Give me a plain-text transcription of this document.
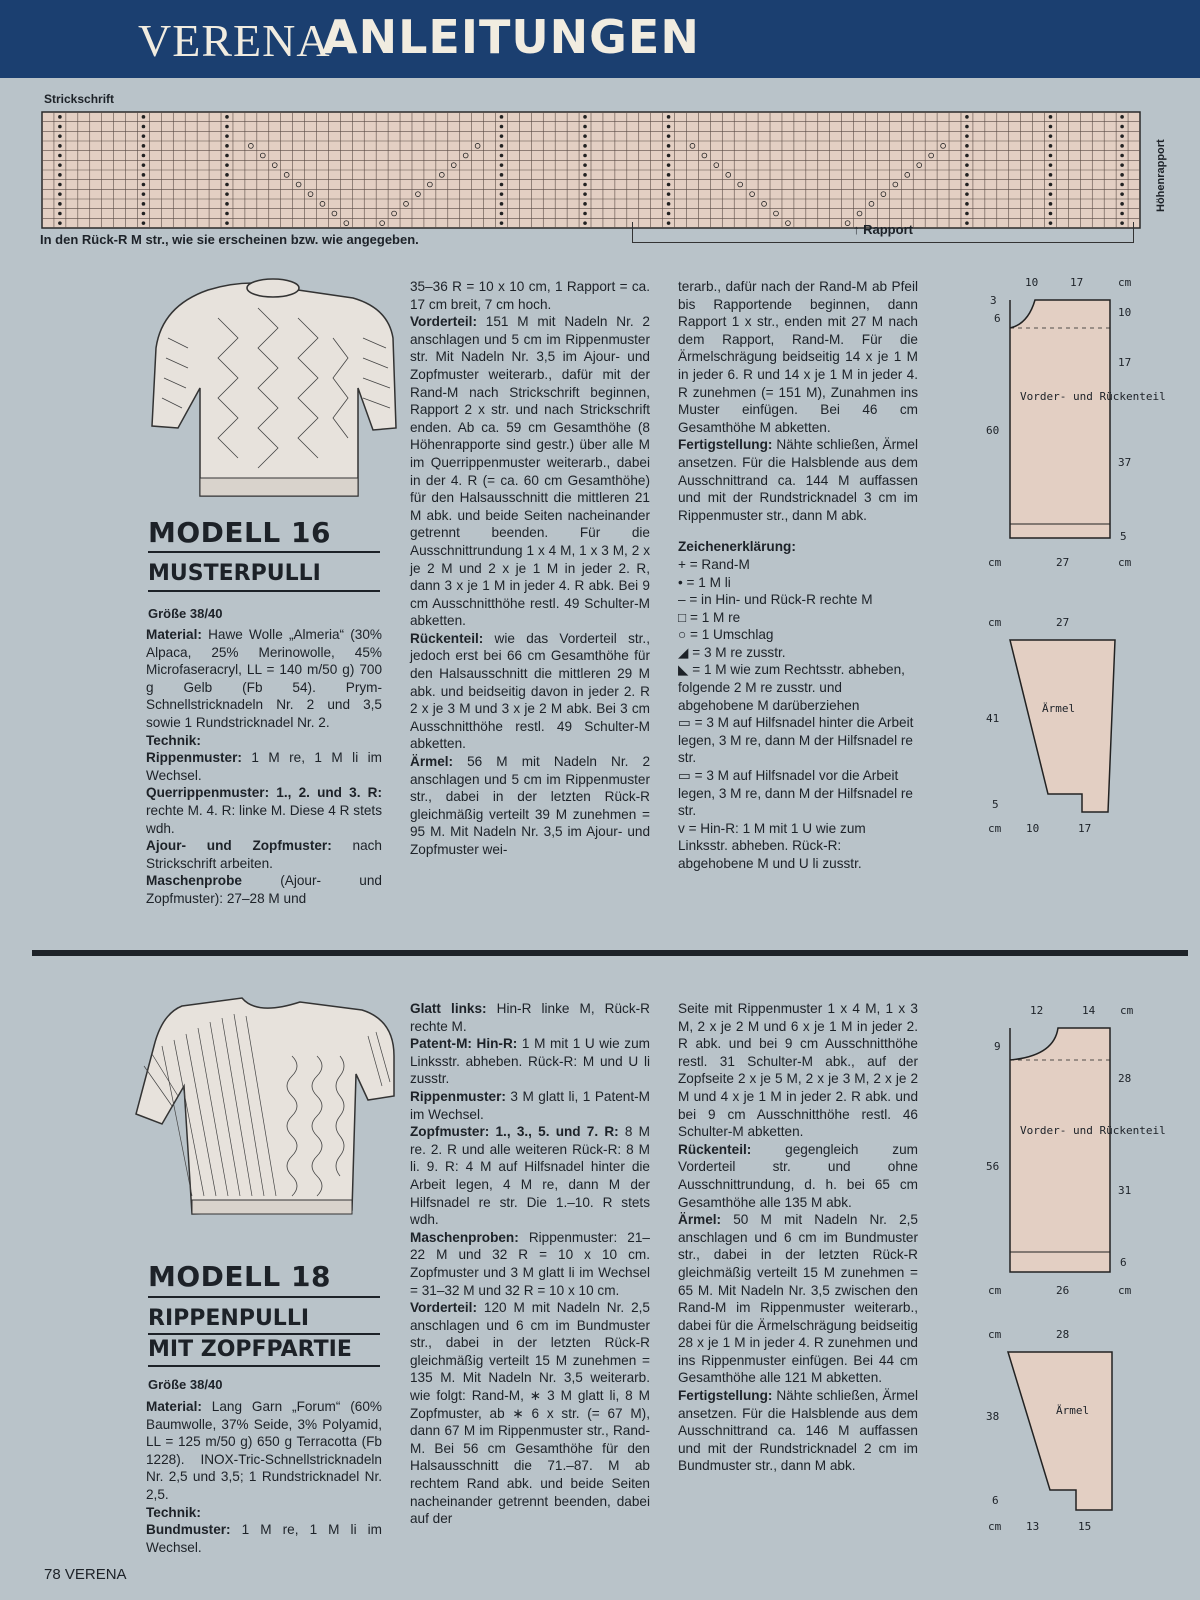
VERENA
ANLEITUNGEN
Strickschrift
In den Rück-R M str., wie sie erscheinen bzw. wie angegeben.
↑ Rapport
Höhenrapport
MODELL 16
MUSTERPULLI
Größe 38/40

Material: Hawe Wolle „Almeria“ (30% Alpaca, 25% Merinowolle, 45% Microfaseracryl, LL = 140 m/50 g) 700 g Gelb (Fb 54). Prym-Schnellstricknadeln Nr. 2 und 3,5 sowie 1 Rundstricknadel Nr. 2.

Technik:

Rippenmuster: 1 M re, 1 M li im Wechsel.

Querrippenmuster: 1., 2. und 3. R: rechte M. 4. R: linke M. Diese 4 R stets wdh.

Ajour- und Zopfmuster: nach Strickschrift arbeiten.

Maschenprobe (Ajour- und Zopfmuster): 27–28 M und

35–36 R = 10 x 10 cm, 1 Rapport = ca. 17 cm breit, 7 cm hoch.

Vorderteil: 151 M mit Nadeln Nr. 2 anschlagen und 5 cm im Rippenmuster str. Mit Nadeln Nr. 3,5 im Ajour- und Zopfmuster weiterarb., dafür mit der Rand-M nach Strickschrift beginnen, Rapport 2 x str. und nach Strickschrift enden. Ab ca. 59 cm Gesamthöhe (8 Höhenrapporte sind gestr.) über alle M im Querrippenmuster weiterarb., dabei in der 4. R (= ca. 60 cm Gesamthöhe) für den Halsausschnitt die mittleren 21 M abk. und beide Seiten nacheinander getrennt beenden. Für die Ausschnittrundung 1 x 4 M, 1 x 3 M, 2 x je 2 M und 2 x je 1 M in jeder 2. R, dann 3 x je 1 M in jeder 4. R abk. Bei 9 cm Ausschnitthöhe restl. 49 Schulter-M abketten.

Rückenteil: wie das Vorderteil str., jedoch erst bei 66 cm Gesamthöhe für den Halsausschnitt die mittleren 29 M abk. und beidseitig davon in jeder 2. R 2 x je 3 M und 3 x je 2 M abk. Bei 3 cm Ausschnitthöhe restl. 49 Schulter-M abketten.

Ärmel: 56 M mit Nadeln Nr. 2 anschlagen und 5 cm im Rippenmuster str., dabei in der letzten Rück-R gleichmäßig verteilt 39 M zunehmen = 95 M. Mit Nadeln Nr. 3,5 im Ajour- und Zopfmuster wei-

terarb., dafür nach der Rand-M ab Pfeil bis Rapportende beginnen, dann Rapport 1 x str., enden mit 27 M nach dem Rapport, Rand-M. Für die Ärmelschrägung beidseitig 14 x je 1 M in jeder 6. R und 14 x je 1 M in jeder 4. R zunehmen (= 151 M), Zunahmen ins Muster einfügen. Bei 46 cm Gesamthöhe M abketten.

Fertigstellung: Nähte schließen, Ärmel ansetzen. Für die Halsblende aus dem Ausschnittrand ca. 144 M auffassen und mit der Rundstricknadel 3 cm im Rippenmuster str., dann M abk.

Zeichenerklärung:

+ = Rand-M

• = 1 M li

– = in Hin- und Rück-R rechte M

□ = 1 M re

○ = 1 Umschlag

◢ = 3 M re zusstr.

◣ = 1 M wie zum Rechtsstr. abheben, folgende 2 M re zusstr. und abgehobene M darüberziehen

▭ = 3 M auf Hilfsnadel hinter die Arbeit legen, 3 M re, dann M der Hilfsnadel re str.

▭ = 3 M auf Hilfsnadel vor die Arbeit legen, 3 M re, dann M der Hilfsnadel re str.

v = Hin-R: 1 M mit 1 U wie zum Linksstr. abheben. Rück-R: abgehobene M und U li zusstr.

Vorder- und Rückenteil
10	17	cm
3
6
60
10
17
37
5
cm	27	cm
Ärmel
cm	27
41
5
cm 10	17
MODELL 18
RIPPENPULLI
MIT ZOPFPARTIE
Größe 38/40

Material: Lang Garn „Forum“ (60% Baumwolle, 37% Seide, 3% Polyamid, LL = 125 m/50 g) 650 g Terracotta (Fb 1228). INOX-Tric-Schnellstricknadeln Nr. 2,5 und 3,5; 1 Rundstricknadel Nr. 2,5.

Technik:

Bundmuster: 1 M re, 1 M li im Wechsel.

Glatt links: Hin-R linke M, Rück-R rechte M.

Patent-M: Hin-R: 1 M mit 1 U wie zum Linksstr. abheben. Rück-R: M und U li zusstr.

Rippenmuster: 3 M glatt li, 1 Patent-M im Wechsel.

Zopfmuster: 1., 3., 5. und 7. R: 8 M re. 2. R und alle weiteren Rück-R: 8 M li. 9. R: 4 M auf Hilfsnadel hinter die Arbeit legen, 4 M re, dann M der Hilfsnadel re str. Die 1.–10. R stets wdh.

Maschenproben: Rippenmuster: 21–22 M und 32 R = 10 x 10 cm. Zopfmuster und 3 M glatt li im Wechsel = 31–32 M und 32 R = 10 x 10 cm.

Vorderteil: 120 M mit Nadeln Nr. 2,5 anschlagen und 6 cm im Bundmuster str., dabei in der letzten Rück-R gleichmäßig verteilt 15 M zunehmen = 135 M. Mit Nadeln Nr. 3,5 weiterarb. wie folgt: Rand-M, ∗ 3 M glatt li, 8 M Zopfmuster, ab ∗ 6 x str. (= 67 M), dann 67 M im Rippenmuster str., Rand-M. Bei 56 cm Gesamthöhe für den Halsausschnitt die 71.–87. M ab rechtem Rand abk. und beide Seiten nacheinander getrennt beenden, dabei auf der

Seite mit Rippenmuster 1 x 4 M, 1 x 3 M, 2 x je 2 M und 6 x je 1 M in jeder 2. R abk. und bei 9 cm Ausschnitthöhe restl. 31 Schulter-M abk., auf der Zopfseite 2 x je 5 M, 2 x je 3 M, 2 x je 2 M und 4 x je 1 M in jeder 2. R abk. und bei 9 cm Ausschnitthöhe restl. 46 Schulter-M abketten.

Rückenteil: gegengleich zum Vorderteil str. und ohne Ausschnittrundung, d. h. bei 65 cm Gesamthöhe alle 135 M abk.

Ärmel: 50 M mit Nadeln Nr. 2,5 anschlagen und 6 cm im Bundmuster str., dabei in der letzten Rück-R gleichmäßig verteilt 15 M zunehmen = 65 M. Mit Nadeln Nr. 3,5 zwischen den Rand-M im Rippenmuster weiterarb., dabei für die Ärmelschrägung beidseitig 28 x je 1 M in jeder 4. R zunehmen und ins Rippenmuster einfügen. Bei 44 cm Gesamthöhe alle 121 M abketten.

Fertigstellung: Nähte schließen, Ärmel ansetzen. Für die Halsblende aus dem Ausschnittrand ca. 146 M auffassen und mit der Rundstricknadel 2 cm im Bundmuster str., dann M abk.

Vorder- und Rückenteil
12	14 cm
9
56
28
31
6
cm	26	cm
Ärmel
cm	28
38
6
cm 13	15
78 VERENA
